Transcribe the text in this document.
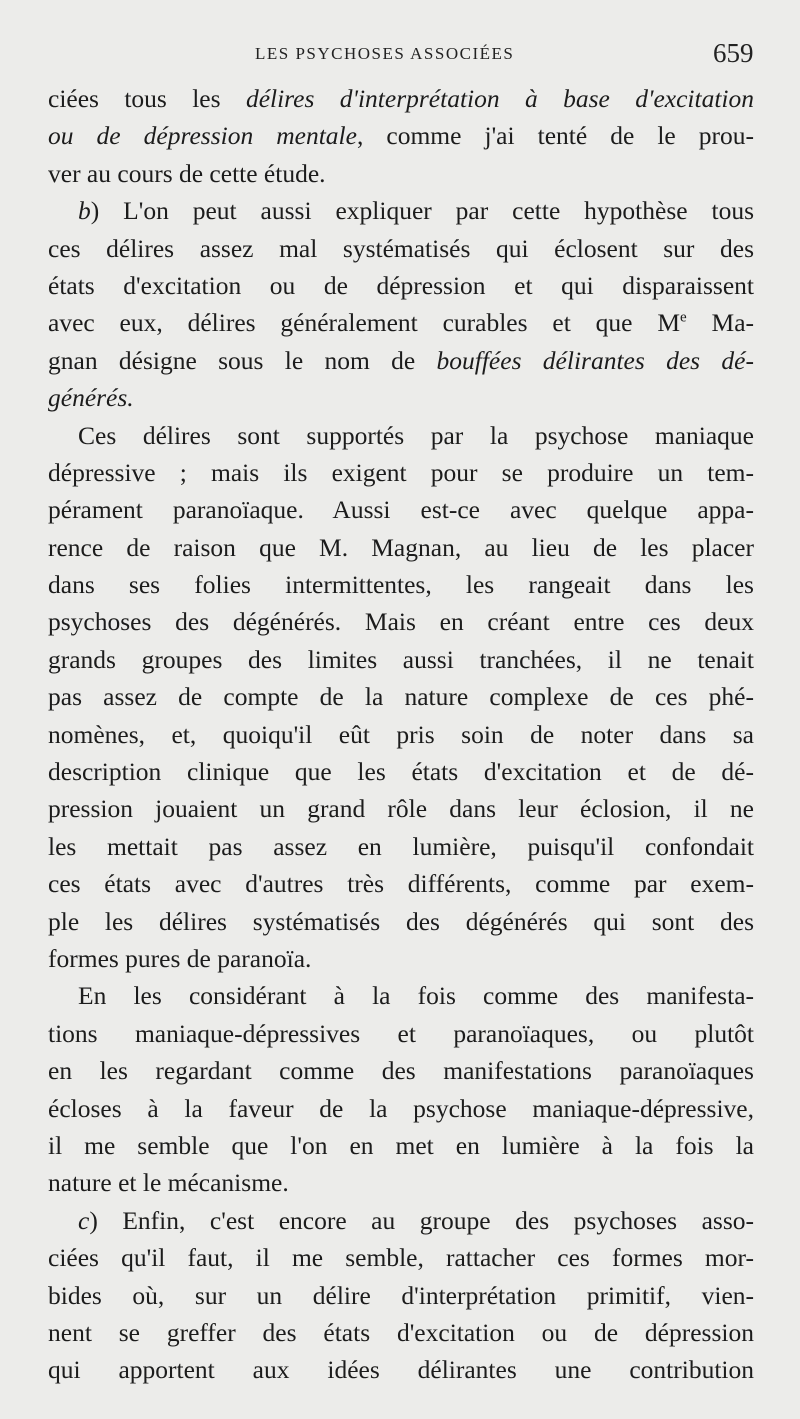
LES PSYCHOSES ASSOCIÉES	659
ciées tous les délires d'interprétation à base d'excitation
ou de dépression mentale, comme j'ai tenté de le prou-
ver au cours de cette étude.
b) L'on peut aussi expliquer par cette hypothèse tous
ces délires assez mal systématisés qui éclosent sur des
états d'excitation ou de dépression et qui disparaissent
avec eux, délires généralement curables et que Me Ma-
gnan désigne sous le nom de bouffées délirantes des dé-
générés.
Ces délires sont supportés par la psychose maniaque
dépressive ; mais ils exigent pour se produire un tem-
pérament paranoïaque. Aussi est-ce avec quelque appa-
rence de raison que M. Magnan, au lieu de les placer
dans ses folies intermittentes, les rangeait dans les
psychoses des dégénérés. Mais en créant entre ces deux
grands groupes des limites aussi tranchées, il ne tenait
pas assez de compte de la nature complexe de ces phé-
nomènes, et, quoiqu'il eût pris soin de noter dans sa
description clinique que les états d'excitation et de dé-
pression jouaient un grand rôle dans leur éclosion, il ne
les mettait pas assez en lumière, puisqu'il confondait
ces états avec d'autres très différents, comme par exem-
ple les délires systématisés des dégénérés qui sont des
formes pures de paranoïa.
En les considérant à la fois comme des manifesta-
tions maniaque-dépressives et paranoïaques, ou plutôt
en les regardant comme des manifestations paranoïaques
écloses à la faveur de la psychose maniaque-dépressive,
il me semble que l'on en met en lumière à la fois la
nature et le mécanisme.
c) Enfin, c'est encore au groupe des psychoses asso-
ciées qu'il faut, il me semble, rattacher ces formes mor-
bides où, sur un délire d'interprétation primitif, vien-
nent se greffer des états d'excitation ou de dépression
qui apportent aux idées délirantes une contribution
